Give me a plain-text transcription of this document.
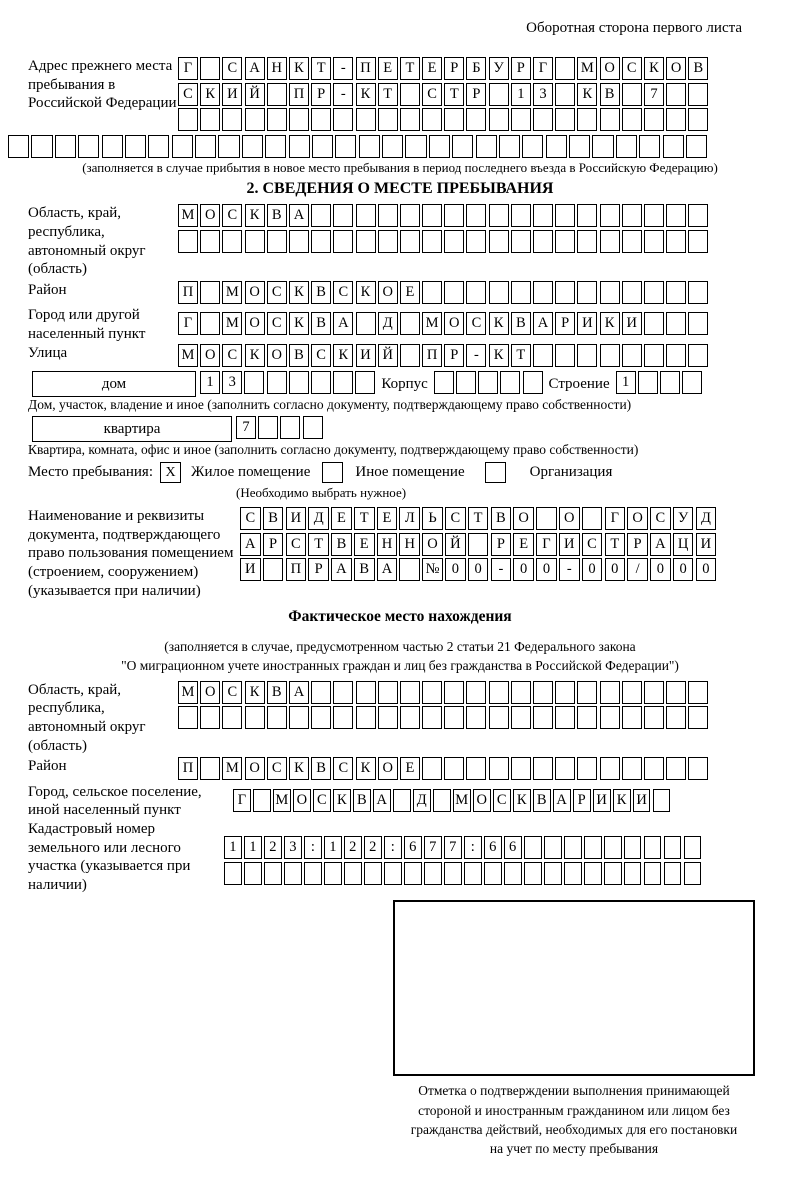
Оборотная сторона первого листа
Адрес прежнего места пребывания в Российской Федерации
Г	С А Н К Т	-	П Е Т Е Р Б У Р Г	М О С К О В
С К И Й	П Р	-	К Т	С Т Р	1	3	К В	7
(заполняется в случае прибытия в новое место пребывания в период последнего въезда в Российскую Федерацию)
2. СВЕДЕНИЯ О МЕСТЕ ПРЕБЫВАНИЯ
Область, край, республика, автономный округ (область)
М О С К В А
Район	П	М О С К В С К О Е
Город или другой населенный пункт
Г	М О С К В А	Д	М О С К В А Р И К И
Улица	М О С К О В С К И Й	П Р	-	К Т
дом	1	3	Корпус	Строение 1
Дом, участок, владение и иное (заполнить согласно документу, подтверждающему право собственности)
квартира	7
Квартира, комната, офис и иное (заполнить согласно документу, подтверждающему право собственности)
Место пребывания: X	Жилое помещение	Иное помещение	Организация
(Необходимо выбрать нужное)
Наименование и реквизиты документа, подтверждающего право пользования помещением (строением, сооружением) (указывается при наличии)
С В И Д Е Т Е Л Ь С Т В О	О	Г О С У Д
А Р С Т В Е Н Н О Й	Р Е Г И С Т Р А Ц И
И	П Р А В А	№ 0	0	-	0	0	-	0	0	/	0	0	0
Фактическое место нахождения
(заполняется в случае, предусмотренном частью 2 статьи 21 Федерального закона
"О миграционном учете иностранных граждан и лиц без гражданства в Российской Федерации")
Область, край, республика, автономный округ (область)
М О С К В А
Район	П	М О С К В С К О Е
Город, сельское поселение, иной населенный пункт
Г	М О С К В А Д М О С К В А Р И К И
Кадастровый номер земельного или лесного участка (указывается при наличии)
1 1 2 3 : 1 2 2 : 6 7 7 : 6 6
Отметка о подтверждении выполнения принимающей
стороной и иностранным гражданином или лицом без
гражданства действий, необходимых для его постановки
на учет по месту пребывания
